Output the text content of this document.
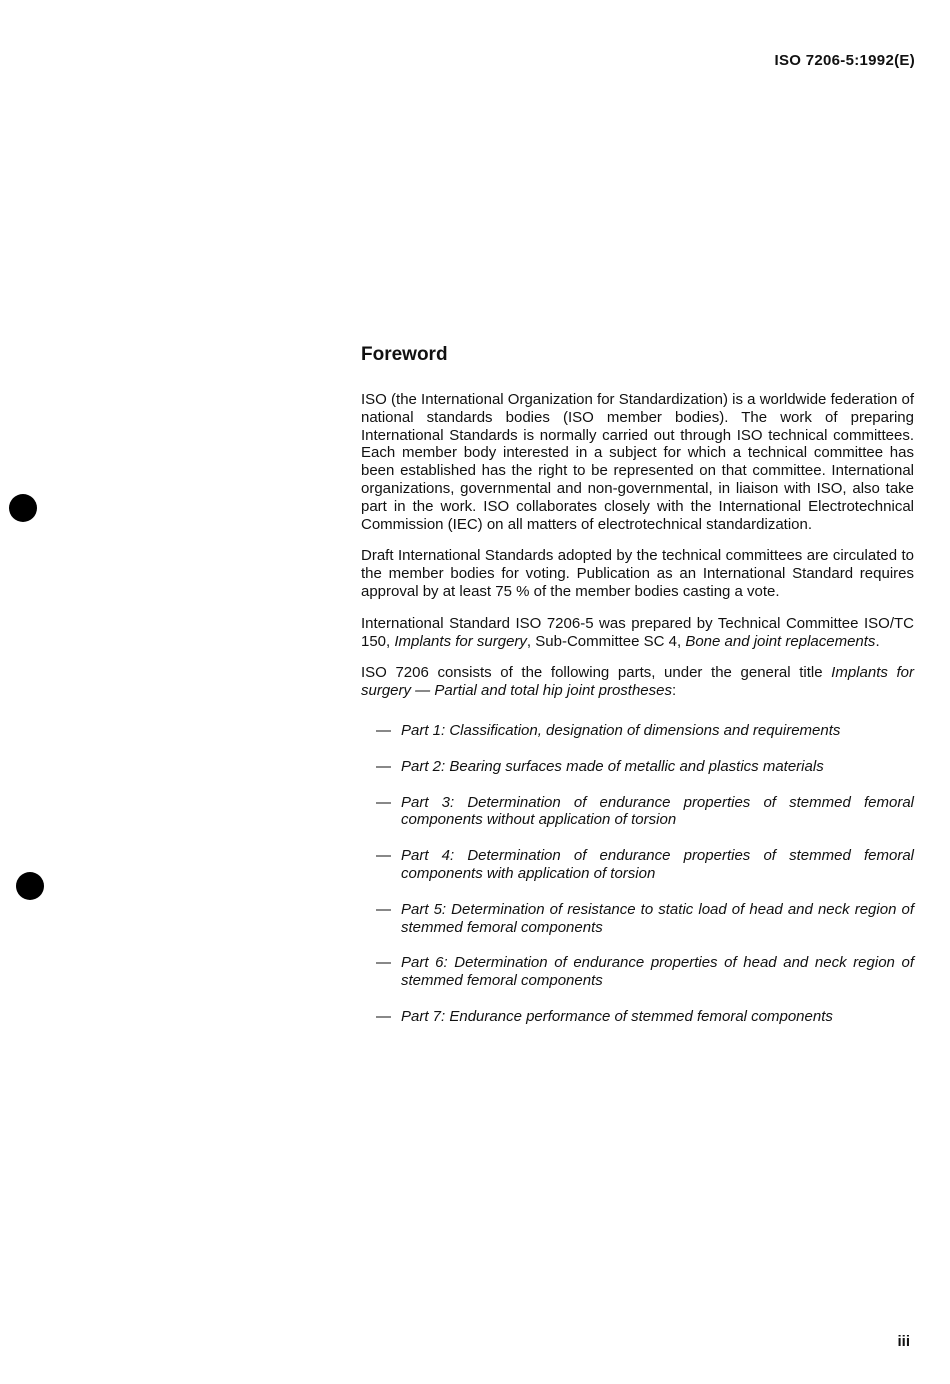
ISO 7206-5:1992(E)
Foreword

ISO (the International Organization for Standardization) is a worldwide federation of national standards bodies (ISO member bodies). The work of preparing International Standards is normally carried out through ISO technical committees. Each member body interested in a subject for which a technical committee has been established has the right to be represented on that committee. International organizations, governmental and non-governmental, in liaison with ISO, also take part in the work. ISO collaborates closely with the International Electrotechnical Commission (IEC) on all matters of electrotechnical standardization.

Draft International Standards adopted by the technical committees are circulated to the member bodies for voting. Publication as an International Standard requires approval by at least 75 % of the member bodies casting a vote.

International Standard ISO 7206-5 was prepared by Technical Committee ISO/TC 150, Implants for surgery, Sub-Committee SC 4, Bone and joint replacements.

ISO 7206 consists of the following parts, under the general title Implants for surgery — Partial and total hip joint prostheses:

— Part 1: Classification, designation of dimensions and requirements
— Part 2: Bearing surfaces made of metallic and plastics materials
— Part 3: Determination of endurance properties of stemmed femoral components without application of torsion
— Part 4: Determination of endurance properties of stemmed femoral components with application of torsion
— Part 5: Determination of resistance to static load of head and neck region of stemmed femoral components
— Part 6: Determination of endurance properties of head and neck region of stemmed femoral components
— Part 7: Endurance performance of stemmed femoral components
iii
